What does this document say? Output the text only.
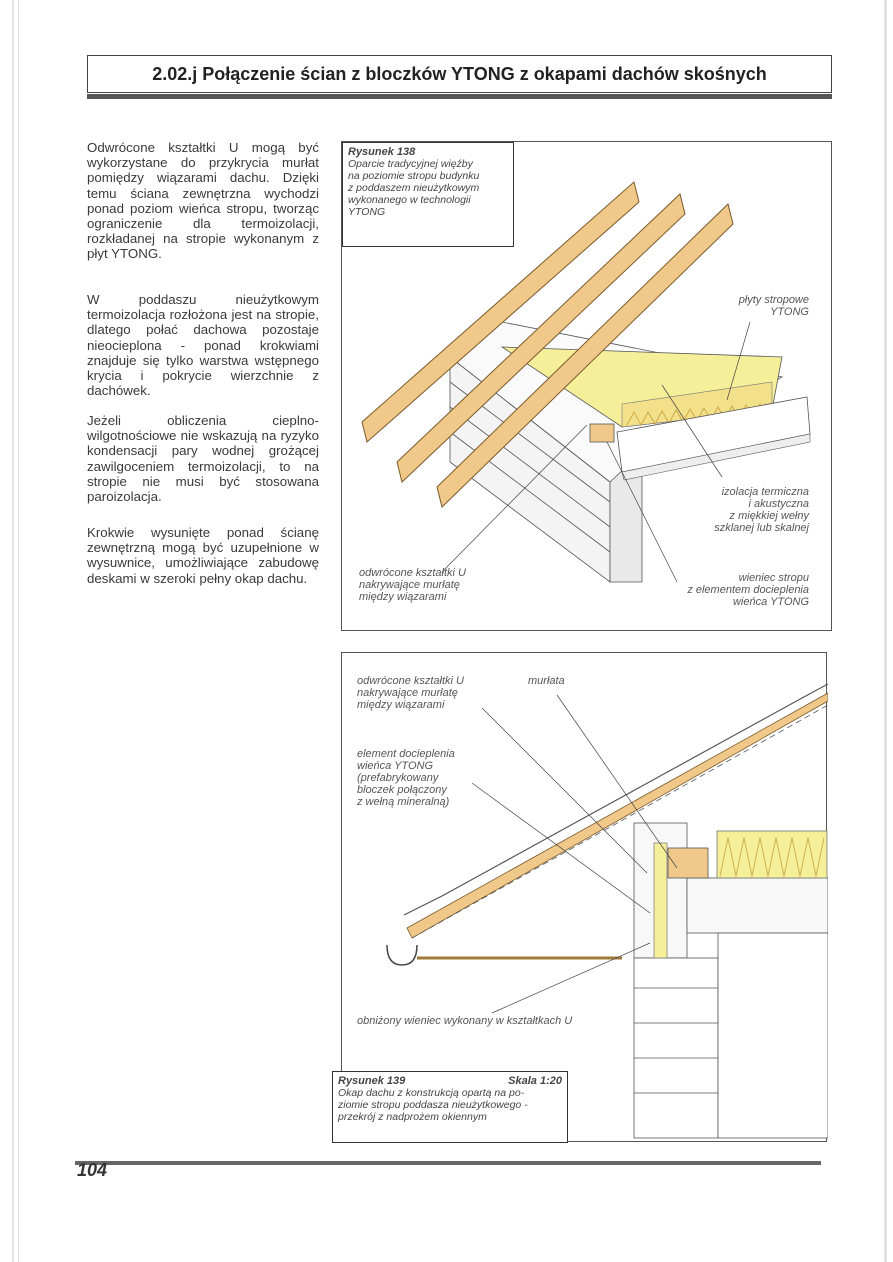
2.02.j Połączenie ścian z bloczków YTONG z okapami dachów skośnych
Odwrócone kształtki U mogą być wykorzystane do przykrycia murłat pomiędzy wiązarami dachu. Dzięki temu ściana zewnętrzna wychodzi ponad poziom wieńca stropu, tworząc ograniczenie dla termoizolacji, rozkładanej na stropie wykonanym z płyt YTONG.
W poddaszu nieużytkowym termoizolacja rozłożona jest na stropie, dlatego połać dachowa pozostaje nieocieplona - ponad krokwiami znajduje się tylko warstwa wstępnego krycia i pokrycie wierzchnie z dachówek.
Jeżeli obliczenia cieplno-wilgotnościowe nie wskazują na ryzyko kondensacji pary wodnej grożącej zawilgoceniem termoizolacji, to na stropie nie musi być stosowana paroizolacja.
Krokwie wysunięte ponad ścianę zewnętrzną mogą być uzupełnione w wysuwnice, umożliwiające zabudowę deskami w szeroki pełny okap dachu.
Rysunek 138
Oparcie tradycyjnej więźby
na poziomie stropu budynku
z poddaszem nieużytkowym
wykonanego w technologii
YTONG
płyty stropowe
YTONG
izolacja termiczna
i akustyczna
z miękkiej wełny
szklanej lub skalnej
odwrócone kształtki U
nakrywające murłatę
między wiązarami
wieniec stropu
z elementem docieplenia
wieńca YTONG
odwrócone kształtki U
nakrywające murłatę
między wiązarami
murłata
element docieplenia
wieńca YTONG
(prefabrykowany
bloczek połączony
z wełną mineralną)
obniżony wieniec wykonany w kształtkach U
Rysunek 139	Skala 1:20
Okap dachu z konstrukcją opartą na po-
ziomie stropu poddasza nieużytkowego -
przekrój z nadprożem okiennym
104
